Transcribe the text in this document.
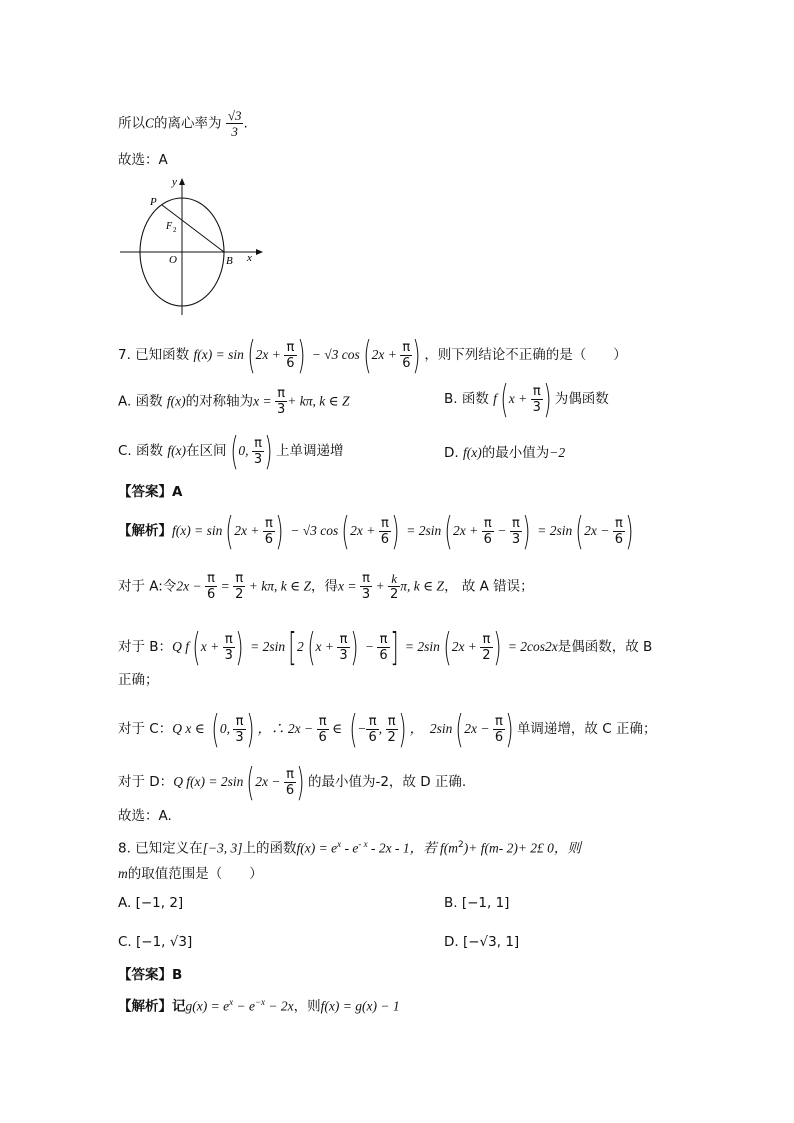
所以C的离心率为 $\frac{√3}{3}$ .
故选：A
y
P
F 2
O	B x
7. 已知函数 $f(x) = \sin(2x + \frac{\pi}{6}$ ) − √3 $\cos(2x + \frac{\pi}{6}$ ) ，则下列结论不正确的是（　　）
A. 函数 f(x)的对称轴为$x = \frac{\pi}{3} + k\pi$, k ∈ Z	B. 函数 $f(x + \frac{\pi}{3}$ ) 为偶函数
C. 函数 f(x)在区间(0, $\frac{\pi}{3}$ ) 上单调递增	D. f(x)的最小值为−2
【答案】A
【解析】$f(x) = \sin(2x + \frac{\pi}{6}$ ) − √3 $\cos(2x + \frac{\pi}{6}$ ) = $2\sin(2x + \frac{\pi}{6} - \frac{\pi}{3}$ ) = $2\sin(2x - \frac{\pi}{6}$ )
对于 A:令$2x - \frac{\pi}{6} = \frac{\pi}{2} + k\pi$, k ∈ Z，得$x = \frac{\pi}{3} + \frac{k}{2} \pi$, k ∈ Z， 故 A 错误；
对于 B：Q $f(x + \frac{\pi}{3}$ ) = $2\sin[2(x + \frac{\pi}{3}$ ) − $\frac{\pi}{6}$ ] = $2\sin(2x + \frac{\pi}{2}$ ) = 2cos2x是偶函数，故 B
正确；
对于 C：Q x ∈ (0, $\frac{\pi}{3}$ ) ，∴ $2x - \frac{\pi}{6}$ ∈ (− $\frac{\pi}{6}$ , $\frac{\pi}{2}$ ) ，　$2\sin(2x - \frac{\pi}{6}$ ) 单调递增，故 C 正确；
对于 D：Q $f(x) = 2\sin(2x - \frac{\pi}{6}$ ) 的最小值为-2，故 D 正确.
故选：A.
8. 已知定义在[−3, 3]上的函数$f(x) = e^x - e^{- x} - 2x - 1$，若 $f(m^2)+ f(m-$ 2)+ 2£ 0，则
m的取值范围是（　　）
A. [−1, 2]	B. [−1, 1]
C. [−1, √3]	D. [−√3, 1]
【答案】B
【解析】记$g(x) = e^x - e^{-x} - 2x$，则f(x) = g(x) − 1
